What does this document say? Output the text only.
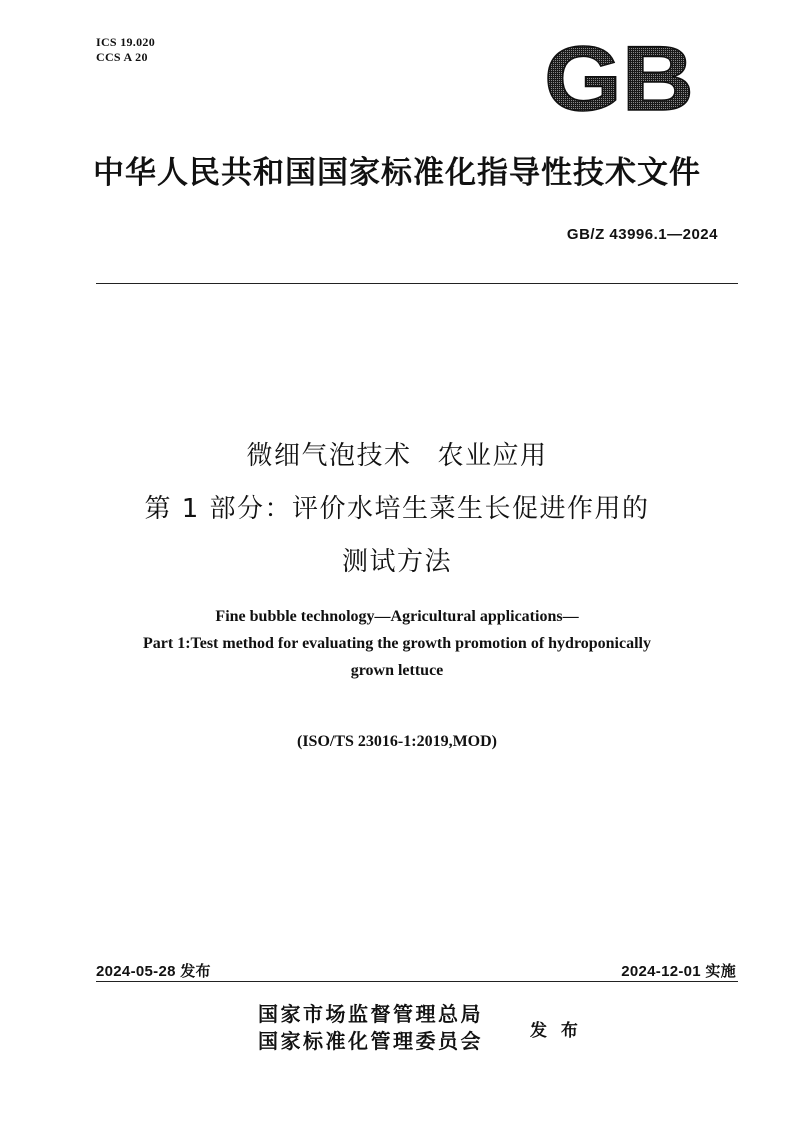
ICS 19.020
CCS A 20	GB
中华人民共和国国家标准化指导性技术文件
GB/Z 43996.1—2024
微细气泡技术 农业应用
第 1 部分：评价水培生菜生长促进作用的
测试方法
Fine bubble technology—Agricultural applications—
Part 1:Test method for evaluating the growth promotion of hydroponically
grown lettuce
(ISO/TS 23016-1:2019,MOD)
2024-05-28 发布	2024-12-01 实施
国家市场监督管理总局
国家标准化管理委员会	发 布
